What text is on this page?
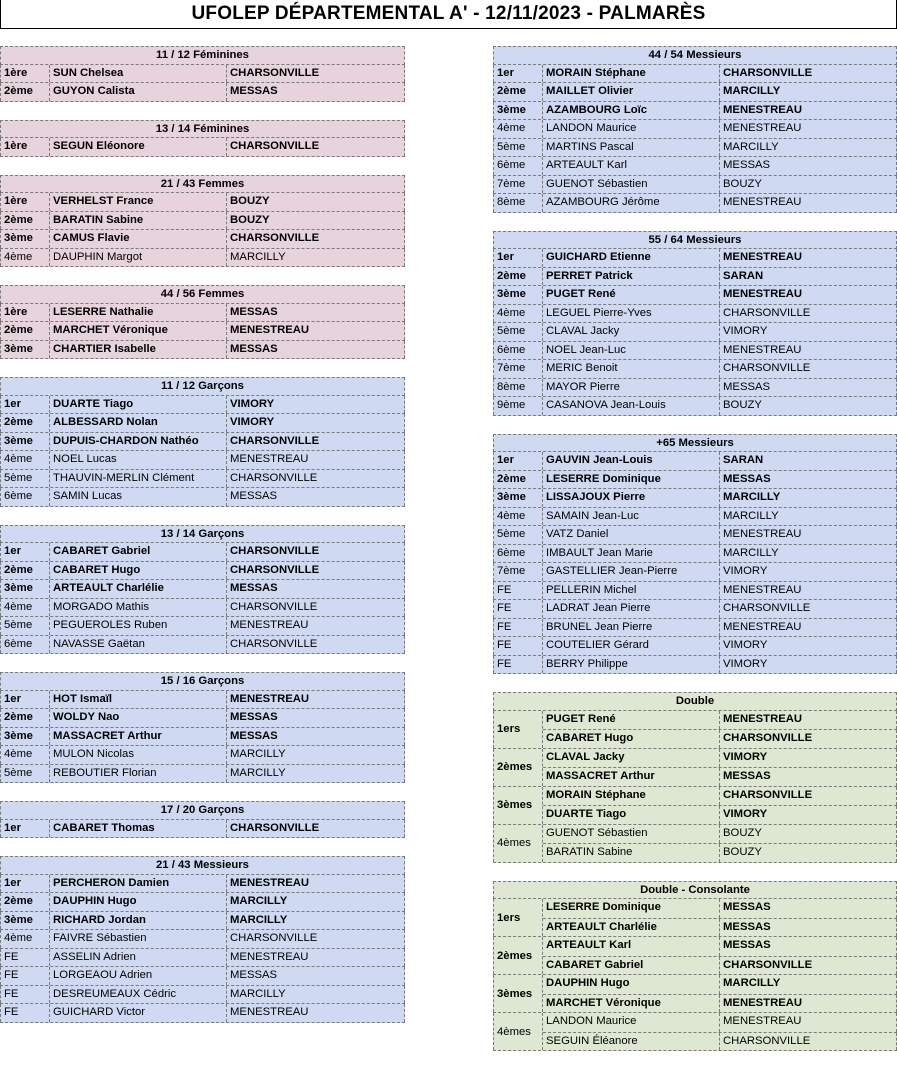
UFOLEP DÉPARTEMENTAL A' - 12/11/2023 - PALMARÈS
11 / 12 Féminines
1ère	SUN Chelsea	CHARSONVILLE
2ème	GUYON Calista	MESSAS
13 / 14 Féminines
1ère	SEGUN Eléonore	CHARSONVILLE
21 / 43 Femmes
1ère	VERHELST France	BOUZY
2ème	BARATIN Sabine	BOUZY
3ème	CAMUS Flavie	CHARSONVILLE
4ème	DAUPHIN Margot	MARCILLY
44 / 56 Femmes
1ère	LESERRE Nathalie	MESSAS
2ème	MARCHET Véronique	MENESTREAU
3ème	CHARTIER Isabelle	MESSAS
11 / 12 Garçons
1er	DUARTE Tiago	VIMORY
2ème	ALBESSARD Nolan	VIMORY
3ème	DUPUIS-CHARDON Nathéo	CHARSONVILLE
4ème	NOEL Lucas	MENESTREAU
5ème	THAUVIN-MERLIN Clément	CHARSONVILLE
6ème	SAMIN Lucas	MESSAS
13 / 14 Garçons
1er	CABARET Gabriel	CHARSONVILLE
2ème	CABARET Hugo	CHARSONVILLE
3ème	ARTEAULT Charlélie	MESSAS
4ème	MORGADO Mathis	CHARSONVILLE
5ème	PEGUEROLES Ruben	MENESTREAU
6ème	NAVASSE Gaëtan	CHARSONVILLE
15 / 16 Garçons
1er	HOT Ismaïl	MENESTREAU
2ème	WOLDY Nao	MESSAS
3ème	MASSACRET Arthur	MESSAS
4ème	MULON Nicolas	MARCILLY
5ème	REBOUTIER Florian	MARCILLY
17 / 20 Garçons
1er	CABARET Thomas	CHARSONVILLE
21 / 43 Messieurs
1er	PERCHERON Damien	MENESTREAU
2ème	DAUPHIN Hugo	MARCILLY
3ème	RICHARD Jordan	MARCILLY
4ème	FAIVRE Sébastien	CHARSONVILLE
FE	ASSELIN Adrien	MENESTREAU
FE	LORGEAOU Adrien	MESSAS
FE	DESREUMEAUX Cédric	MARCILLY
FE	GUICHARD Victor	MENESTREAU
44 / 54 Messieurs
1er	MORAIN Stéphane	CHARSONVILLE
2ème	MAILLET Olivier	MARCILLY
3ème	AZAMBOURG Loïc	MENESTREAU
4ème	LANDON Maurice	MENESTREAU
5ème	MARTINS Pascal	MARCILLY
6ème	ARTEAULT Karl	MESSAS
7ème	GUENOT Sébastien	BOUZY
8ème	AZAMBOURG Jérôme	MENESTREAU
55 / 64 Messieurs
1er	GUICHARD Etienne	MENESTREAU
2ème	PERRET Patrick	SARAN
3ème	PUGET René	MENESTREAU
4ème	LEGUEL Pierre-Yves	CHARSONVILLE
5ème	CLAVAL Jacky	VIMORY
6ème	NOEL Jean-Luc	MENESTREAU
7ème	MERIC Benoit	CHARSONVILLE
8ème	MAYOR Pierre	MESSAS
9ème	CASANOVA Jean-Louis	BOUZY
+65 Messieurs
1er	GAUVIN Jean-Louis	SARAN
2ème	LESERRE Dominique	MESSAS
3ème	LISSAJOUX Pierre	MARCILLY
4ème	SAMAIN Jean-Luc	MARCILLY
5ème	VATZ Daniel	MENESTREAU
6ème	IMBAULT Jean Marie	MARCILLY
7ème	GASTELLIER Jean-Pierre	VIMORY
FE	PELLERIN Michel	MENESTREAU
FE	LADRAT Jean Pierre	CHARSONVILLE
FE	BRUNEL Jean Pierre	MENESTREAU
FE	COUTELIER Gérard	VIMORY
FE	BERRY Philippe	VIMORY
Double
1ers
PUGET René	MENESTREAU
CABARET Hugo	CHARSONVILLE
2èmes
CLAVAL Jacky	VIMORY
MASSACRET Arthur	MESSAS
3èmes
MORAIN Stéphane	CHARSONVILLE
DUARTE Tiago	VIMORY
4èmes
GUENOT Sébastien	BOUZY
BARATIN Sabine	BOUZY
Double - Consolante
1ers
LESERRE Dominique	MESSAS
ARTEAULT Charlélie	MESSAS
2èmes
ARTEAULT Karl	MESSAS
CABARET Gabriel	CHARSONVILLE
3èmes
DAUPHIN Hugo	MARCILLY
MARCHET Véronique	MENESTREAU
4èmes
LANDON Maurice	MENESTREAU
SEGUIN Éléanore	CHARSONVILLE
